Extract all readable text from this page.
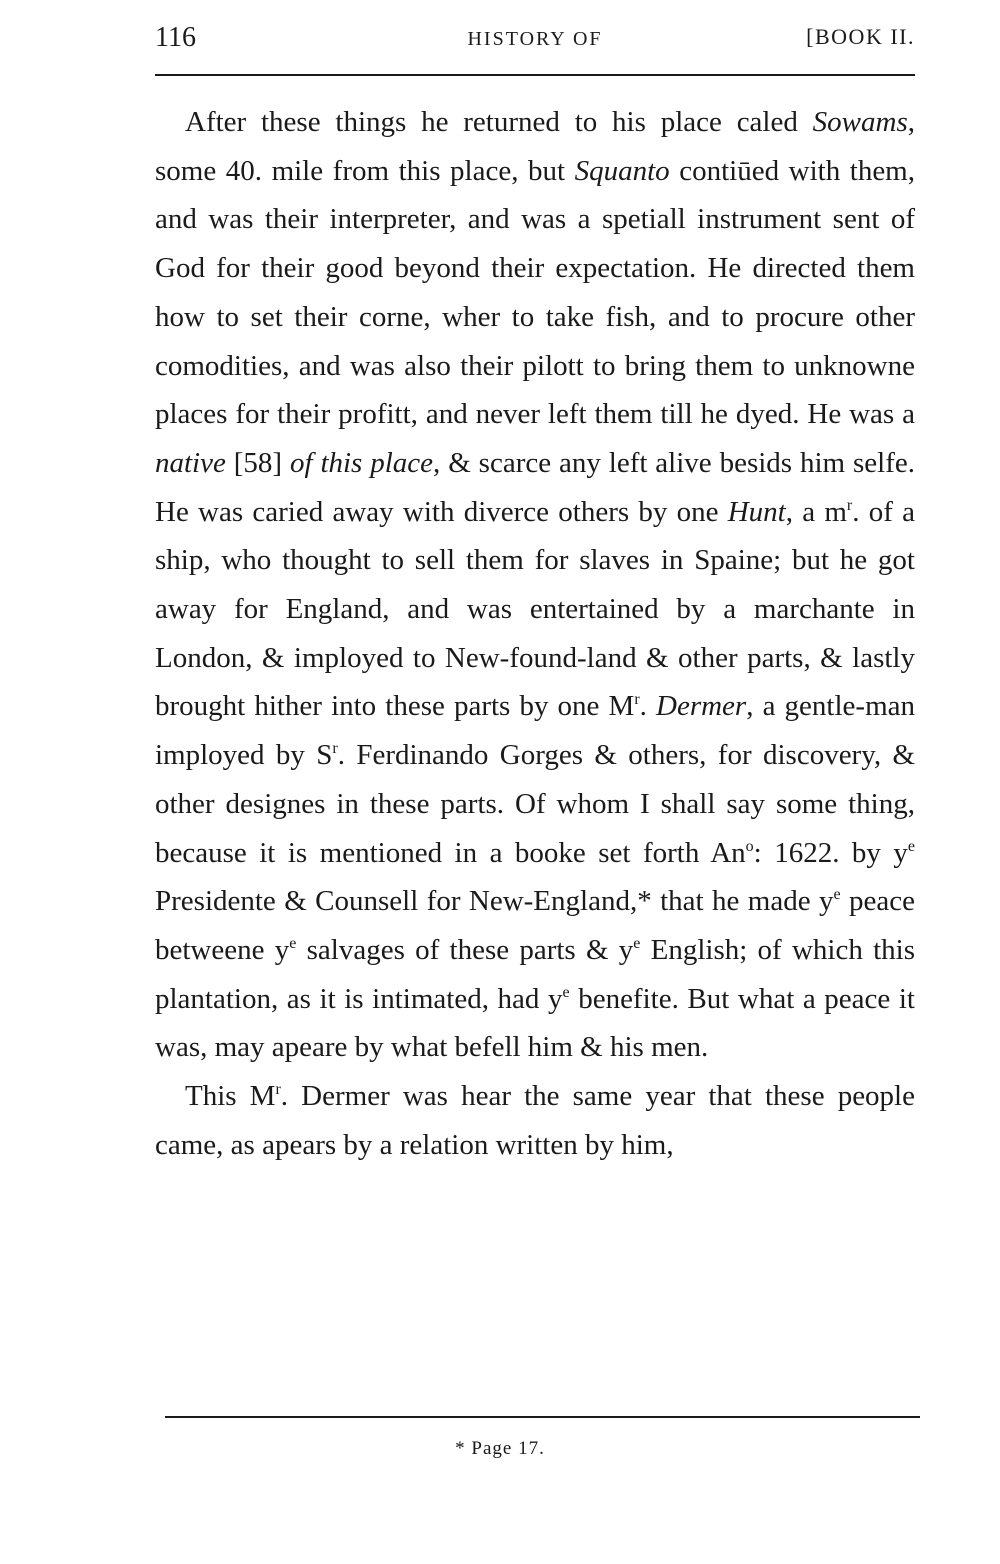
116	HISTORY OF	[BOOK II.

After these things he returned to his place caled Sowams, some 40. mile from this place, but Squanto contiūed with them, and was their interpreter, and was a spetiall instrument sent of God for their good beyond their expectation. He directed them how to set their corne, wher to take fish, and to procure other comodities, and was also their pilott to bring them to unknowne places for their profitt, and never left them till he dyed. He was a native [58] of this place, & scarce any left alive besids him selfe. He was caried away with diverce others by one Hunt, a $m^r$. of a ship, who thought to sell them for slaves in Spaine; but he got away for England, and was entertained by a marchante in London, & imployed to New-found-land & other parts, & lastly brought hither into these parts by one $M^r$. Dermer, a gentle-man imployed by $S^r$. Ferdinando Gorges & others, for discovery, & other designes in these parts. Of whom I shall say some thing, because it is mentioned in a booke set forth An$^o$: 1622. by $y^e$ Presidente & Counsell for New-England,* that he made $y^e$ peace betweene $y^e$ salvages of these parts & $y^e$ English; of which this plantation, as it is intimated, had $y^e$ benefite. But what a peace it was, may apeare by what befell him & his men.

This $M^r$. Dermer was hear the same year that these people came, as apears by a relation written by him,

* Page 17.
